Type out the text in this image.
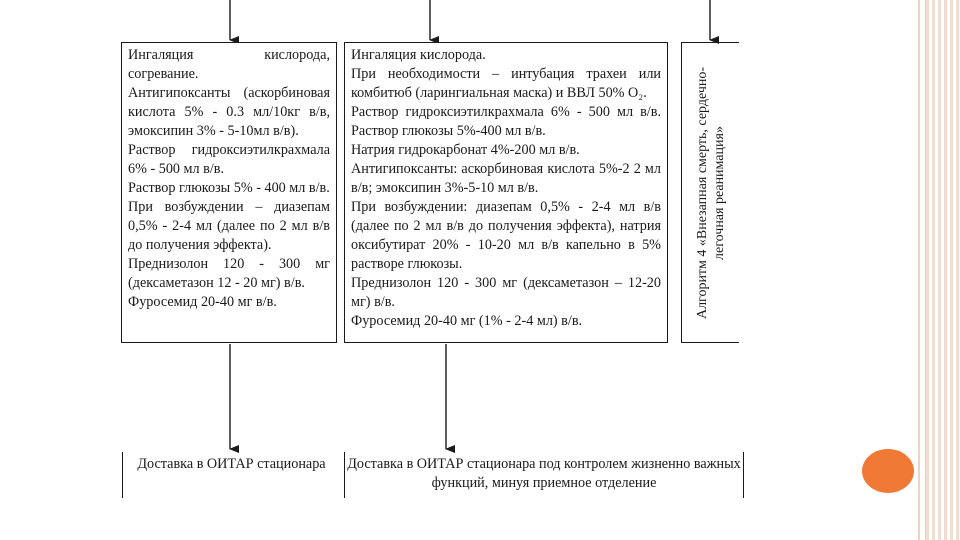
Ингаляция кислорода, согревание.

Антигипоксанты (аскорбиновая кислота 5% - 0.3 мл/10кг в/в, эмоксипин 3% - 5-10мл в/в).

Раствор гидроксиэтилкрахмала 6% - 500 мл в/в.

Раствор глюкозы 5% - 400 мл в/в.

При возбуждении – диазепам 0,5% - 2-4 мл (далее по 2 мл в/в до получения эффекта).

Преднизолон 120 - 300 мг (дексаметазон 12 - 20 мг) в/в.

Фуросемид 20-40 мг в/в.

Ингаляция кислорода.

При необходимости – интубация трахеи или комбитюб (ларингиальная маска) и ВВЛ 50% О₂.

Раствор гидроксиэтилкрахмала 6% - 500 мл в/в. Раствор глюкозы 5%-400 мл в/в.

Натрия гидрокарбонат 4%-200 мл в/в.

Антигипоксанты: аскорбиновая кислота 5%-2 2 мл в/в; эмоксипин 3%-5-10 мл в/в.

При возбуждении: диазепам 0,5% - 2-4 мл в/в (далее по 2 мл в/в до получения эффекта), натрия оксибутират 20% - 10-20 мл в/в капельно в 5% растворе глюкозы.

Преднизолон 120 - 300 мг (дексаметазон – 12-20 мг) в/в.

Фуросемид 20-40 мг (1% - 2-4 мл) в/в.

Алгоритм 4 «Внезапная смерть, сердечно-легочная реанимация»
Доставка в ОИТАР стационара	Доставка в ОИТАР стационара под контролем жизненно важных функций, минуя приемное отделение
